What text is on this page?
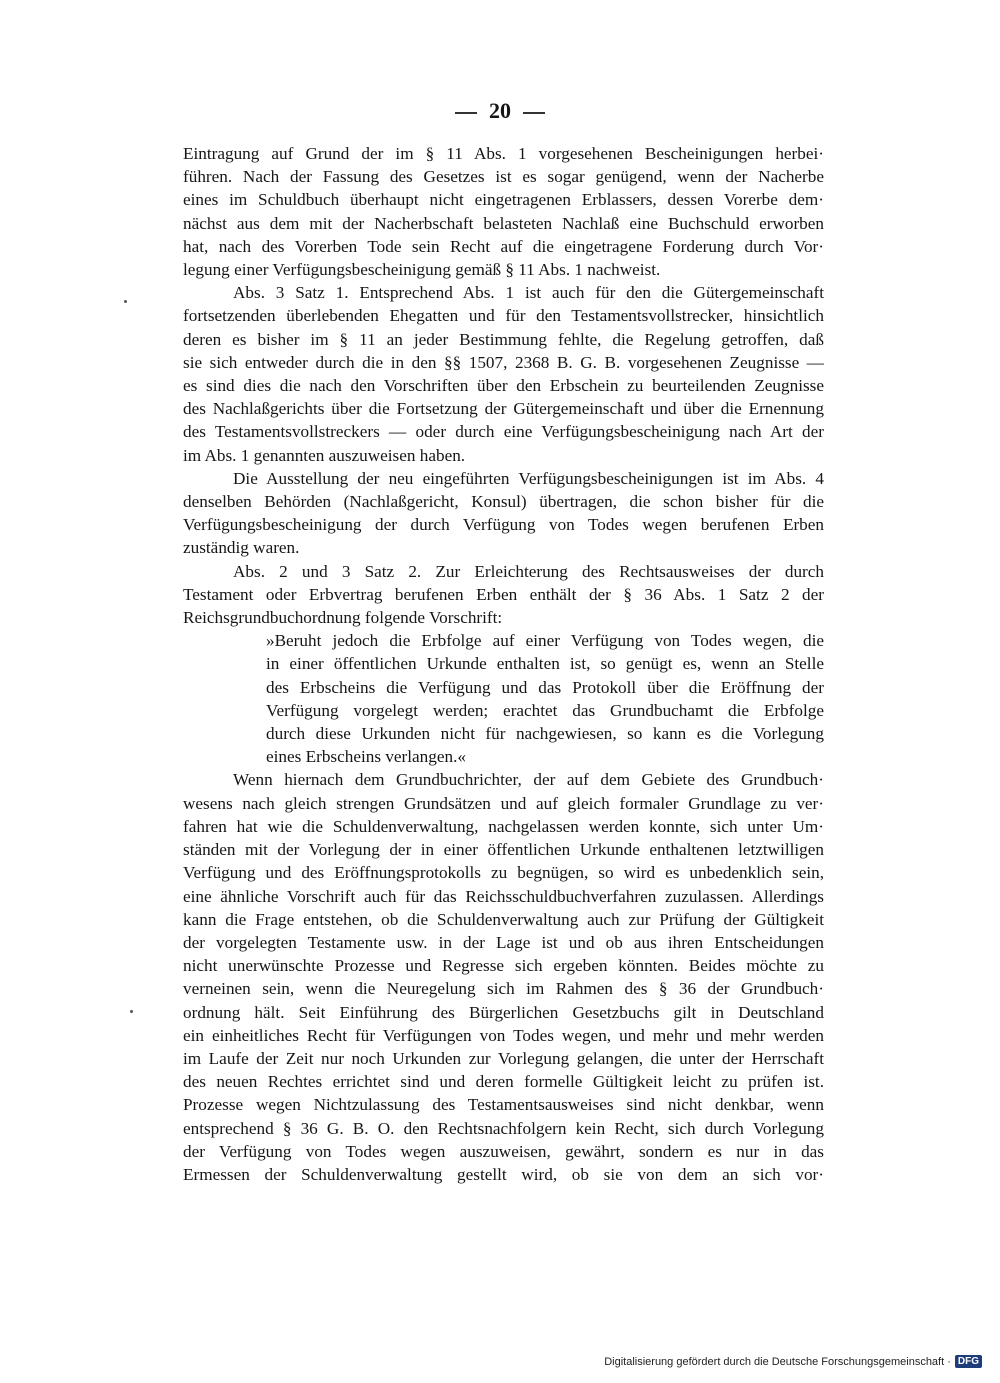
20

Eintragung auf Grund der im § 11 Abs. 1 vorgesehenen Bescheinigungen herbei·

führen. Nach der Fassung des Gesetzes ist es sogar genügend, wenn der Nacherbe

eines im Schuldbuch überhaupt nicht eingetragenen Erblassers, dessen Vorerbe dem·

nächst aus dem mit der Nacherbschaft belasteten Nachlaß eine Buchschuld erworben

hat, nach des Vorerben Tode sein Recht auf die eingetragene Forderung durch Vor·

legung einer Verfügungsbescheinigung gemäß § 11 Abs. 1 nachweist.

Abs. 3 Satz 1. Entsprechend Abs. 1 ist auch für den die Gütergemeinschaft

fortsetzenden überlebenden Ehegatten und für den Testamentsvollstrecker, hinsichtlich

deren es bisher im § 11 an jeder Bestimmung fehlte, die Regelung getroffen, daß

sie sich entweder durch die in den §§ 1507, 2368 B. G. B. vorgesehenen Zeugnisse —

es sind dies die nach den Vorschriften über den Erbschein zu beurteilenden Zeugnisse

des Nachlaßgerichts über die Fortsetzung der Gütergemeinschaft und über die Ernennung

des Testamentsvollstreckers — oder durch eine Verfügungsbescheinigung nach Art der

im Abs. 1 genannten auszuweisen haben.

Die Ausstellung der neu eingeführten Verfügungsbescheinigungen ist im Abs. 4

denselben Behörden (Nachlaßgericht, Konsul) übertragen, die schon bisher für die

Verfügungsbescheinigung der durch Verfügung von Todes wegen berufenen Erben

zuständig waren.

Abs. 2 und 3 Satz 2. Zur Erleichterung des Rechtsausweises der durch

Testament oder Erbvertrag berufenen Erben enthält der § 36 Abs. 1 Satz 2 der

Reichsgrundbuchordnung folgende Vorschrift:

»Beruht jedoch die Erbfolge auf einer Verfügung von Todes wegen, die

in einer öffentlichen Urkunde enthalten ist, so genügt es, wenn an Stelle

des Erbscheins die Verfügung und das Protokoll über die Eröffnung der

Verfügung vorgelegt werden; erachtet das Grundbuchamt die Erbfolge

durch diese Urkunden nicht für nachgewiesen, so kann es die Vorlegung

eines Erbscheins verlangen.«

Wenn hiernach dem Grundbuchrichter, der auf dem Gebiete des Grundbuch·

wesens nach gleich strengen Grundsätzen und auf gleich formaler Grundlage zu ver·

fahren hat wie die Schuldenverwaltung, nachgelassen werden konnte, sich unter Um·

ständen mit der Vorlegung der in einer öffentlichen Urkunde enthaltenen letztwilligen

Verfügung und des Eröffnungsprotokolls zu begnügen, so wird es unbedenklich sein,

eine ähnliche Vorschrift auch für das Reichsschuldbuchverfahren zuzulassen. Allerdings

kann die Frage entstehen, ob die Schuldenverwaltung auch zur Prüfung der Gültigkeit

der vorgelegten Testamente usw. in der Lage ist und ob aus ihren Entscheidungen

nicht unerwünschte Prozesse und Regresse sich ergeben könnten. Beides möchte zu

verneinen sein, wenn die Neuregelung sich im Rahmen des § 36 der Grundbuch·

ordnung hält. Seit Einführung des Bürgerlichen Gesetzbuchs gilt in Deutschland

ein einheitliches Recht für Verfügungen von Todes wegen, und mehr und mehr werden

im Laufe der Zeit nur noch Urkunden zur Vorlegung gelangen, die unter der Herrschaft

des neuen Rechtes errichtet sind und deren formelle Gültigkeit leicht zu prüfen ist.

Prozesse wegen Nichtzulassung des Testamentsausweises sind nicht denkbar, wenn

entsprechend § 36 G. B. O. den Rechtsnachfolgern kein Recht, sich durch Vorlegung

der Verfügung von Todes wegen auszuweisen, gewährt, sondern es nur in das

Ermessen der Schuldenverwaltung gestellt wird, ob sie von dem an sich vor·

Digitalisierung gefördert durch die Deutsche Forschungsgemeinschaft · DFG
